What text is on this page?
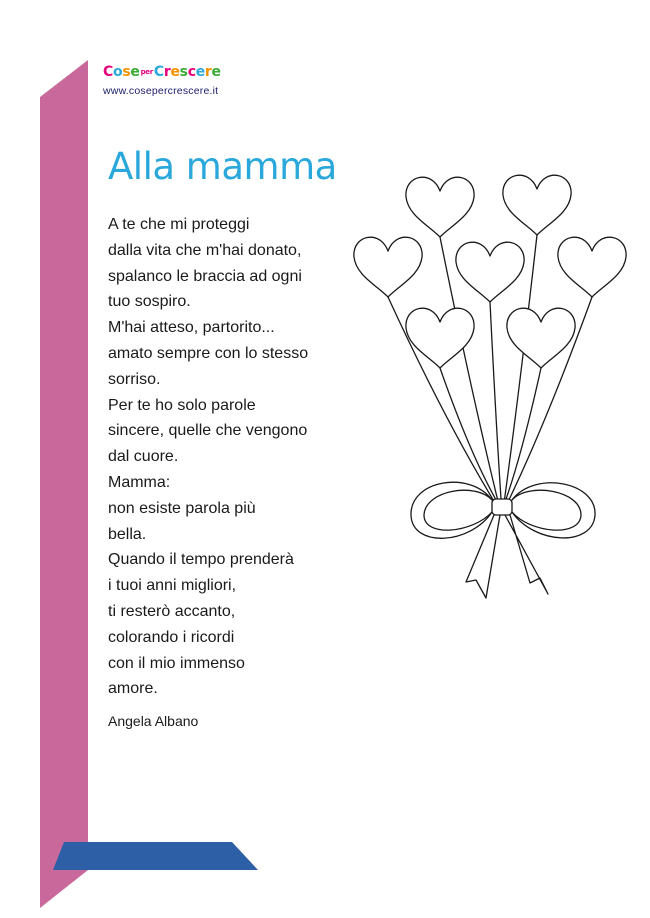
CoseperCrescere
www.cosepercrescere.it
Alla mamma
A te che mi proteggi
dalla vita che m'hai donato,
spalanco le braccia ad ogni
tuo sospiro.
M'hai atteso, partorito...
amato sempre con lo stesso
sorriso.
Per te ho solo parole
sincere, quelle che vengono
dal cuore.
Mamma:
non esiste parola più
bella.
Quando il tempo prenderà
i tuoi anni migliori,
ti resterò accanto,
colorando i ricordi
con il mio immenso
amore.
Angela Albano
